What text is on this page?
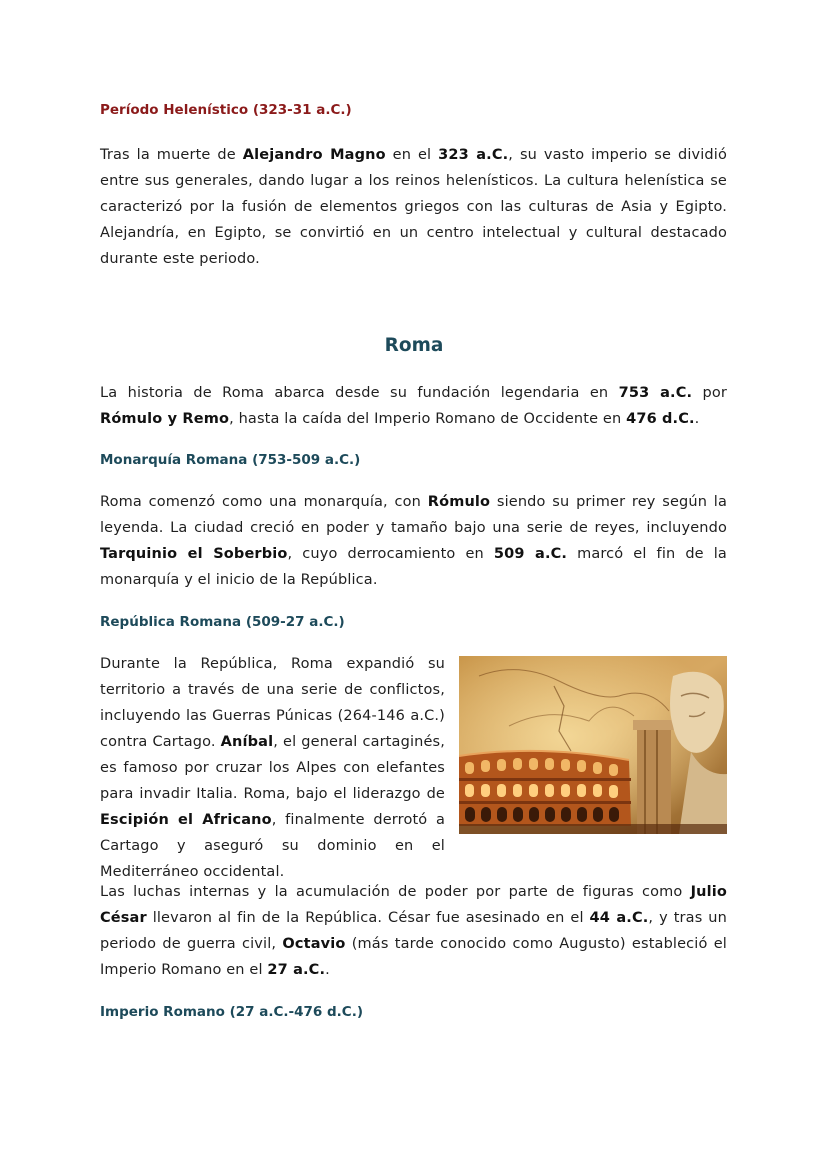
Período Helenístico (323-31 a.C.)

Tras la muerte de Alejandro Magno en el 323 a.C., su vasto imperio se dividió entre sus generales, dando lugar a los reinos helenísticos. La cultura helenística se caracterizó por la fusión de elementos griegos con las culturas de Asia y Egipto. Alejandría, en Egipto, se convirtió en un centro intelectual y cultural destacado durante este periodo.

Roma

La historia de Roma abarca desde su fundación legendaria en 753 a.C. por Rómulo y Remo, hasta la caída del Imperio Romano de Occidente en 476 d.C..

Monarquía Romana (753-509 a.C.)

Roma comenzó como una monarquía, con Rómulo siendo su primer rey según la leyenda. La ciudad creció en poder y tamaño bajo una serie de reyes, incluyendo Tarquinio el Soberbio, cuyo derrocamiento en 509 a.C. marcó el fin de la monarquía y el inicio de la República.

República Romana (509-27 a.C.)
Durante la República, Roma expandió su territorio a través de una serie de conflictos, incluyendo las Guerras Púnicas (264-146 a.C.) contra Cartago. Aníbal, el general cartaginés, es famoso por cruzar los Alpes con elefantes para invadir Italia. Roma, bajo el liderazgo de Escipión el Africano, finalmente derrotó a Cartago y aseguró su dominio en el Mediterráneo occidental.

Las luchas internas y la acumulación de poder por parte de figuras como Julio César llevaron al fin de la República. César fue asesinado en el 44 a.C., y tras un periodo de guerra civil, Octavio (más tarde conocido como Augusto) estableció el Imperio Romano en el 27 a.C..

Imperio Romano (27 a.C.-476 d.C.)
